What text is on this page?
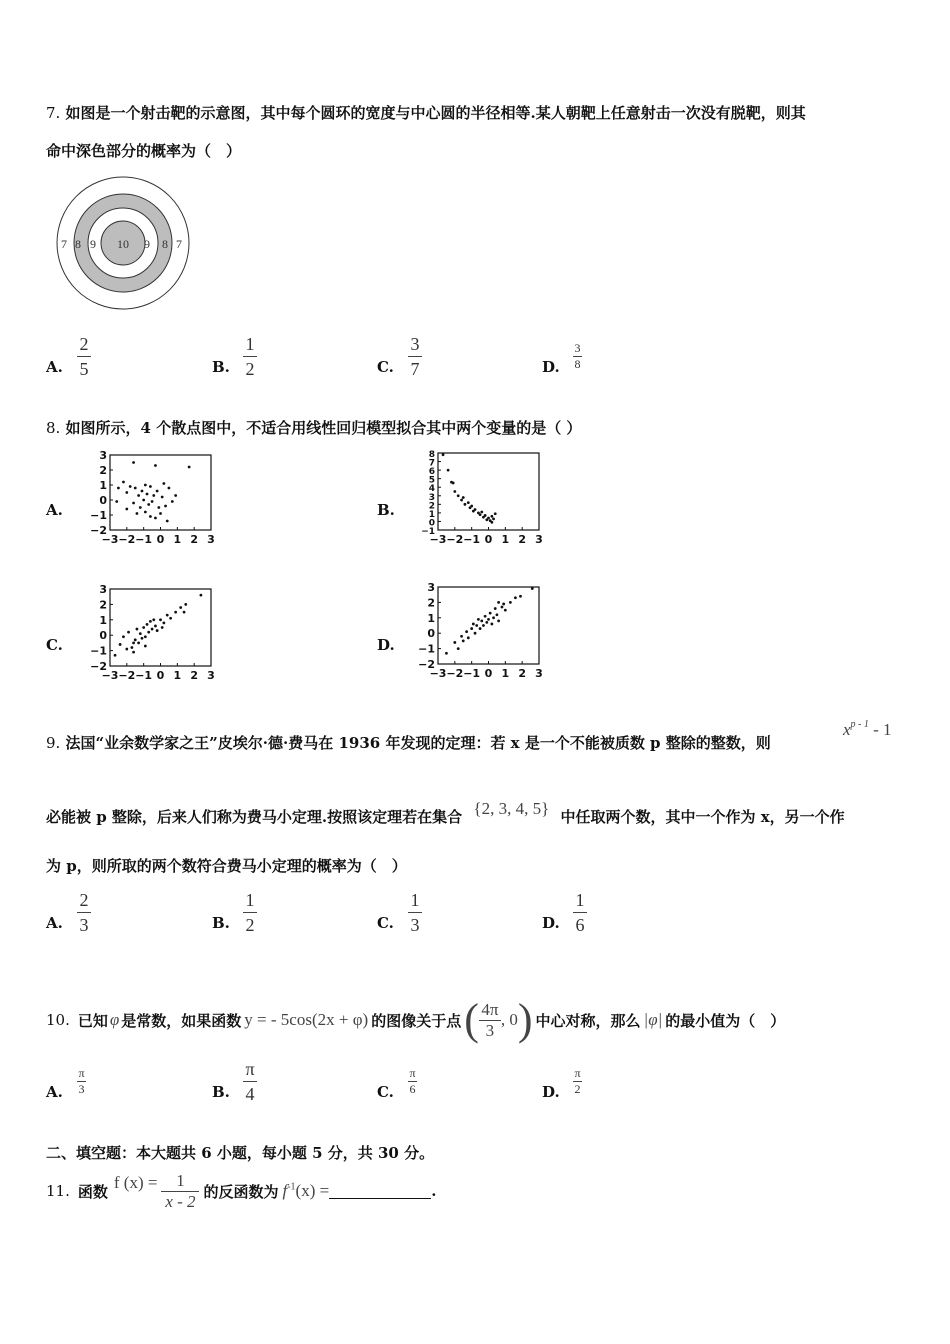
7. 如图是一个射击靶的示意图，其中每个圆环的宽度与中心圆的半径相等.某人朝靶上任意射击一次没有脱靶，则其
命中深色部分的概率为（　）
7 8 9 10 9 8 7
A.
2
5	B.
1
2	C.
3
7	D.
3
8
8. 如图所示，4 个散点图中，不适合用线性回归模型拟合其中两个变量的是（ ）
A.	B.
C.	D.
3
2
1
0
−1
−2
−3 −2 −1 0 1 2 3
8
7
6
5
4
3
2
1
0
−1
−3 −2 −1 0 1 2 3
3
2
1
0
−1
−2
−3 −2 −1 0 1 2 3
3
2
1
0
−1
−2
−3 −2 −1 0 1 2 3
9. 法国“业余数学家之王”皮埃尔·德·费马在 1936 年发现的定理：若 x 是一个不能被质数 p 整除的整数，则
$x^{p - 1} - 1$
必能被 p 整除，后来人们称为费马小定理.按照该定理若在集合 {2, 3, 4, 5} 中任取两个数，其中一个作为 x，另一个作
为 p，则所取的两个数符合费马小定理的概率为（　）
A.
2
3	B.
1
2	C.
1
3	D.
1
6
10. 已知 φ 是常数，如果函数 y = - 5cos(2x + φ) 的图像关于点 ( 4π
3
, 0 ) 中心对称，那么 |φ| 的最小值为（　）
A.
π
3	B.
π
4	C.
π
6	D.
π
2
二、填空题：本大题共 6 小题，每小题 5 分，共 30 分。
11. 函数 f (x) = 1
x - 2 的反函数为 $f^{-1}(x)$ =	.
